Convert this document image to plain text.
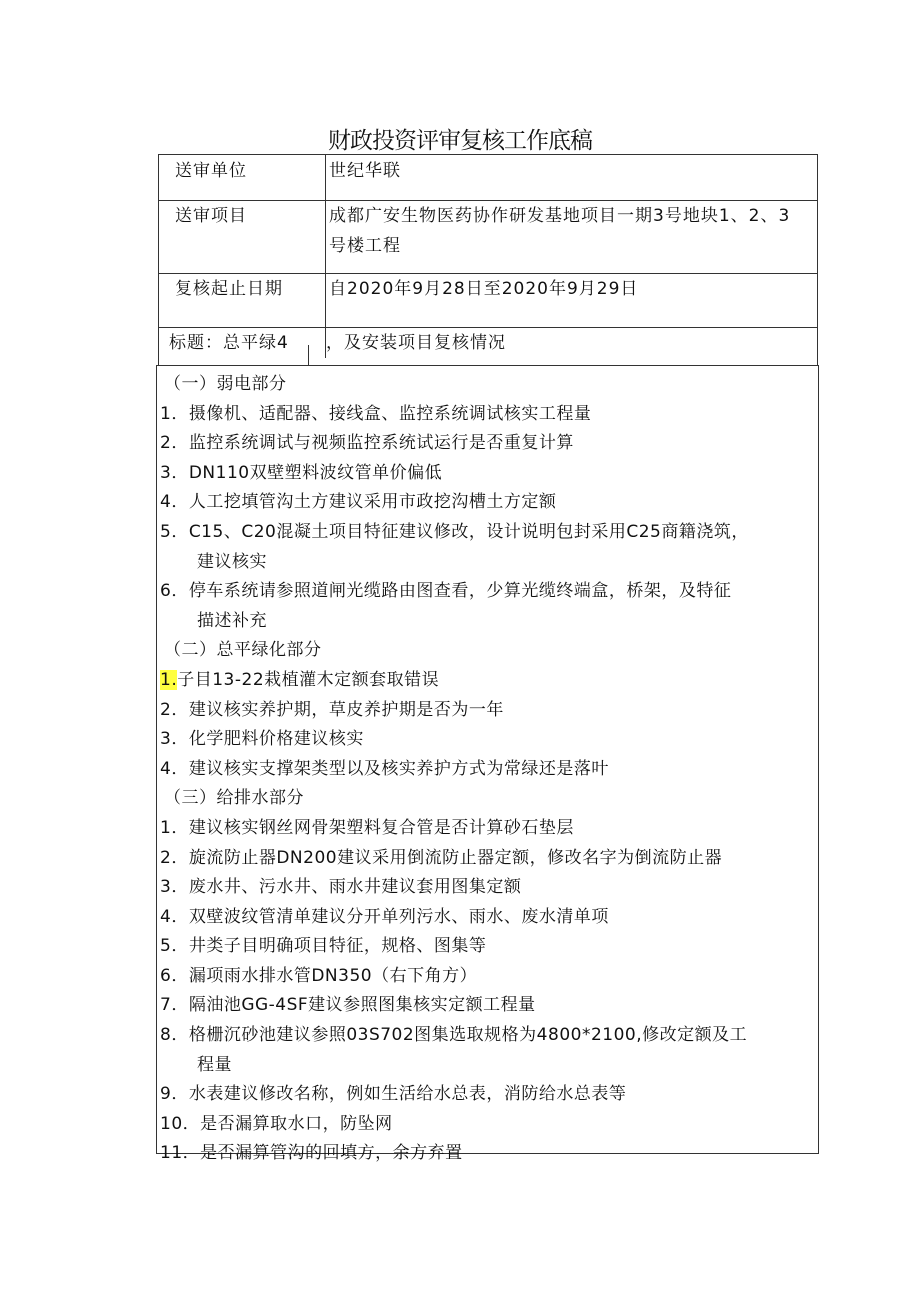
财政投资评审复核工作底稿
送审单位	世纪华联
送审项目	成都广安生物医药协作研发基地项目一期3号地块1、2、3
号楼工程

复核起止日期	自2020年9月28日至2020年9月29日
标题：总平绿4	，及安装项目复核情况
（一）弱电部分
1．摄像机、适配器、接线盒、监控系统调试核实工程量
2．监控系统调试与视频监控系统试运行是否重复计算
3．DN110双壁塑料波纹管单价偏低
4．人工挖填管沟土方建议采用市政挖沟槽土方定额
5．C15、C20混凝土项目特征建议修改，设计说明包封采用C25商籍浇筑，
建议核实
6．停车系统请参照道闸光缆路由图查看，少算光缆终端盒，桥架，及特征
描述补充
（二）总平绿化部分
1.子目13-22栽植灌木定额套取错误
2．建议核实养护期，草皮养护期是否为一年
3．化学肥料价格建议核实
4．建议核实支撑架类型以及核实养护方式为常绿还是落叶
（三）给排水部分
1．建议核实钢丝网骨架塑料复合管是否计算砂石垫层
2．旋流防止器DN200建议采用倒流防止器定额，修改名字为倒流防止器
3．废水井、污水井、雨水井建议套用图集定额
4．双壁波纹管清单建议分开单列污水、雨水、废水清单项
5．井类子目明确项目特征，规格、图集等
6．漏项雨水排水管DN350（右下角方）
7．隔油池GG-4SF建议参照图集核实定额工程量
8．格栅沉砂池建议参照03S702图集选取规格为4800*2100,修改定额及工
程量
9．水表建议修改名称，例如生活给水总表，消防给水总表等
10．是否漏算取水口，防坠网
11．是否漏算管沟的回填方，余方弃置
